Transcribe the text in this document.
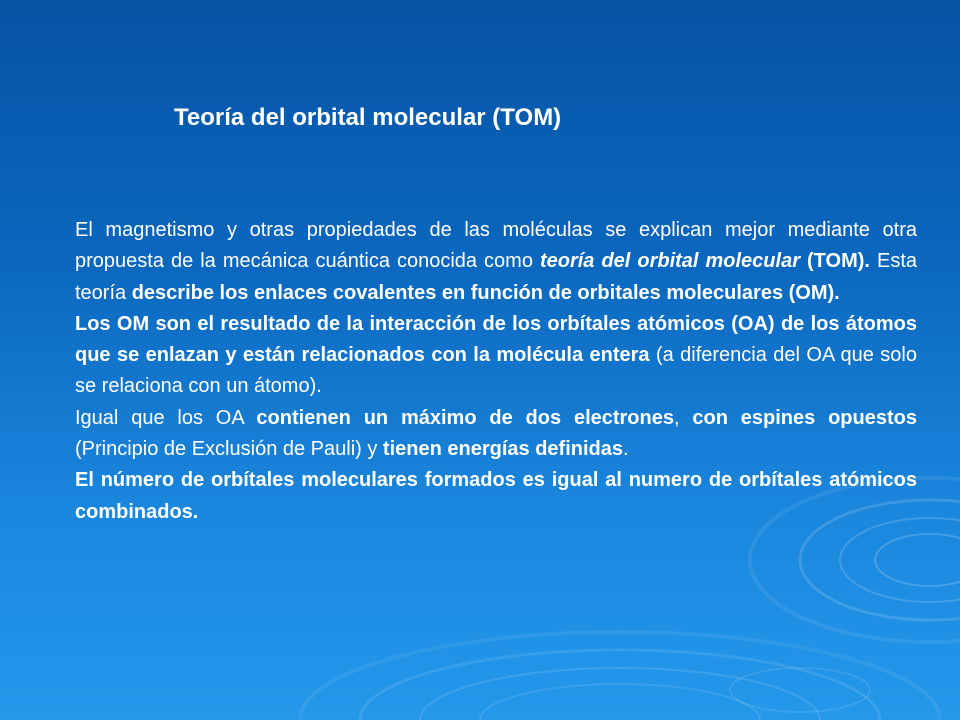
Teoría del orbital molecular (TOM)

El magnetismo y otras propiedades de las moléculas se explican mejor mediante otra propuesta de la mecánica cuántica conocida como teoría del orbital molecular (TOM). Esta teoría describe los enlaces covalentes en función de orbitales moleculares (OM).

Los OM son el resultado de la interacción de los orbítales atómicos (OA) de los átomos que se enlazan y están relacionados con la molécula entera (a diferencia del OA que solo se relaciona con un átomo).

Igual que los OA contienen un máximo de dos electrones, con espines opuestos (Principio de Exclusión de Pauli) y tienen energías definidas.

El número de orbítales moleculares formados es igual al numero de orbítales atómicos combinados.
